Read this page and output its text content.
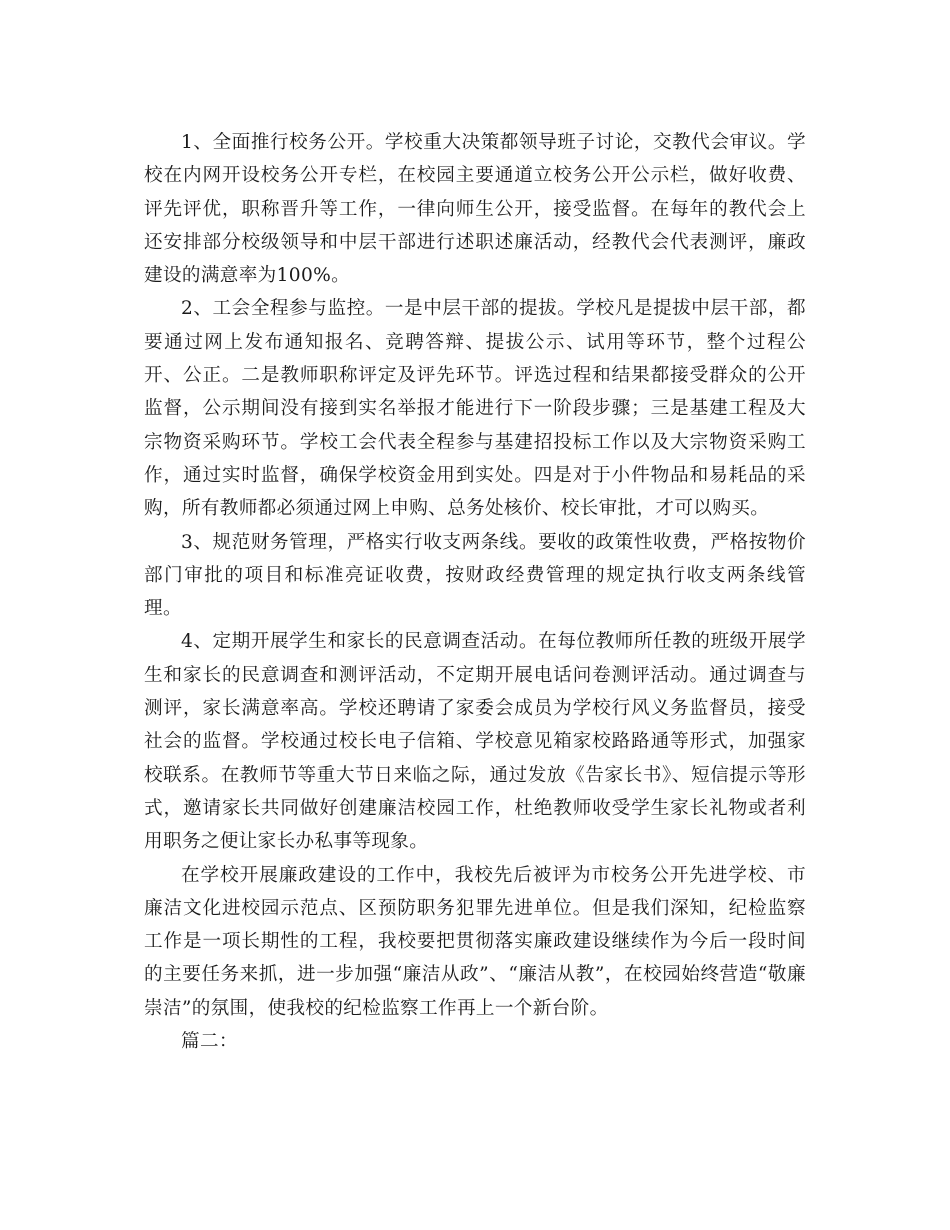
1、全面推行校务公开。学校重大决策都领导班子讨论，交教代会审议。学校在内网开设校务公开专栏，在校园主要通道立校务公开公示栏，做好收费、评先评优，职称晋升等工作，一律向师生公开，接受监督。在每年的教代会上还安排部分校级领导和中层干部进行述职述廉活动，经教代会代表测评，廉政建设的满意率为100%。

2、工会全程参与监控。一是中层干部的提拔。学校凡是提拔中层干部，都要通过网上发布通知报名、竞聘答辩、提拔公示、试用等环节，整个过程公开、公正。二是教师职称评定及评先环节。评选过程和结果都接受群众的公开监督，公示期间没有接到实名举报才能进行下一阶段步骤；三是基建工程及大宗物资采购环节。学校工会代表全程参与基建招投标工作以及大宗物资采购工作，通过实时监督，确保学校资金用到实处。四是对于小件物品和易耗品的采购，所有教师都必须通过网上申购、总务处核价、校长审批，才可以购买。

3、规范财务管理，严格实行收支两条线。要收的政策性收费，严格按物价部门审批的项目和标准亮证收费，按财政经费管理的规定执行收支两条线管理。

4、定期开展学生和家长的民意调查活动。在每位教师所任教的班级开展学生和家长的民意调查和测评活动，不定期开展电话问卷测评活动。通过调查与测评，家长满意率高。学校还聘请了家委会成员为学校行风义务监督员，接受社会的监督。学校通过校长电子信箱、学校意见箱家校路路通等形式，加强家校联系。在教师节等重大节日来临之际，通过发放《告家长书》、短信提示等形式，邀请家长共同做好创建廉洁校园工作，杜绝教师收受学生家长礼物或者利用职务之便让家长办私事等现象。

在学校开展廉政建设的工作中，我校先后被评为市校务公开先进学校、市廉洁文化进校园示范点、区预防职务犯罪先进单位。但是我们深知，纪检监察工作是一项长期性的工程，我校要把贯彻落实廉政建设继续作为今后一段时间的主要任务来抓，进一步加强“廉洁从政”、“廉洁从教”，在校园始终营造“敬廉崇洁”的氛围，使我校的纪检监察工作再上一个新台阶。

篇二：
